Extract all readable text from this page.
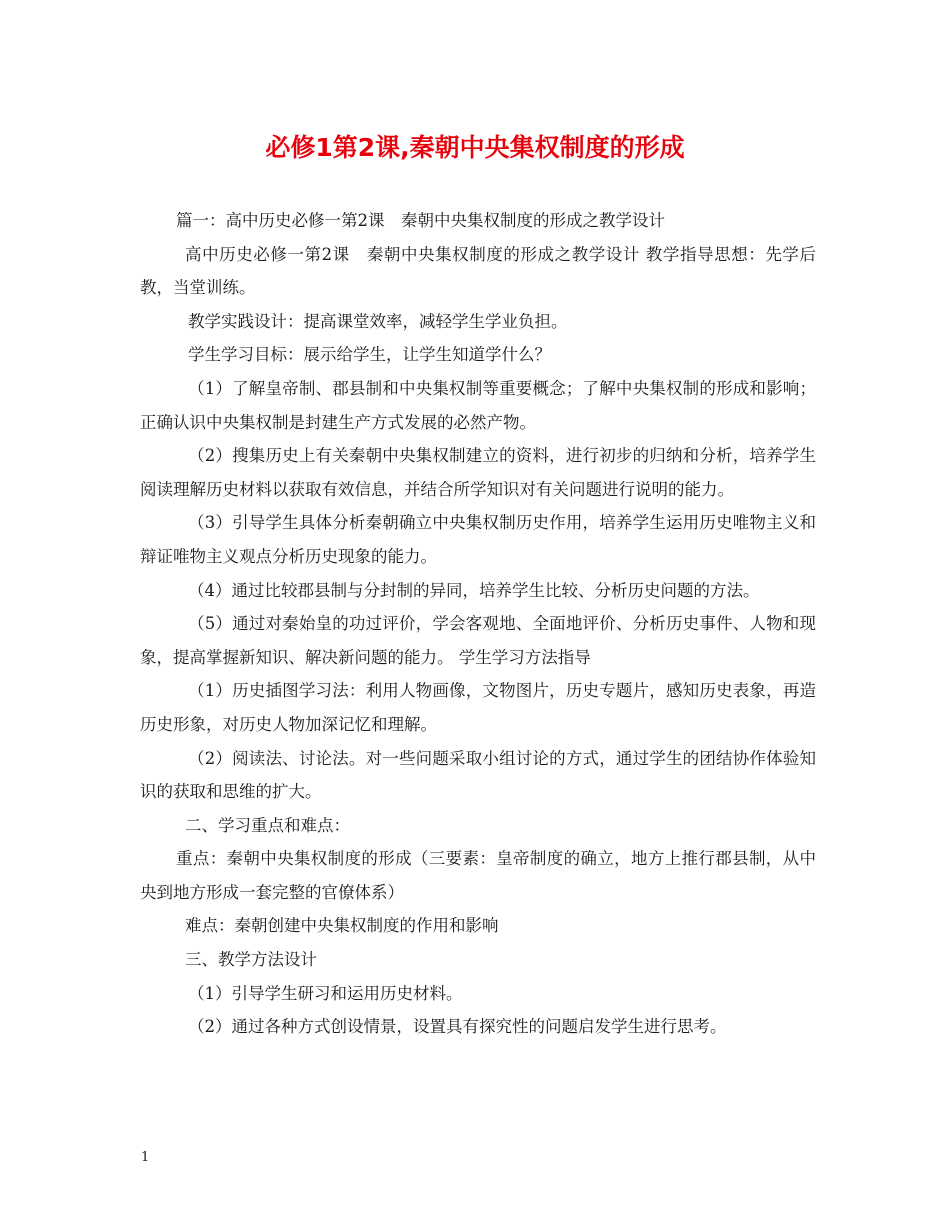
必修1第2课,秦朝中央集权制度的形成

篇一：高中历史必修一第2课　秦朝中央集权制度的形成之教学设计

高中历史必修一第2课　秦朝中央集权制度的形成之教学设计 教学指导思想：先学后教，当堂训练。

教学实践设计：提高课堂效率，减轻学生学业负担。

学生学习目标：展示给学生，让学生知道学什么？

（1）了解皇帝制、郡县制和中央集权制等重要概念；了解中央集权制的形成和影响；正确认识中央集权制是封建生产方式发展的必然产物。

（2）搜集历史上有关秦朝中央集权制建立的资料，进行初步的归纳和分析，培养学生阅读理解历史材料以获取有效信息，并结合所学知识对有关问题进行说明的能力。

（3）引导学生具体分析秦朝确立中央集权制历史作用，培养学生运用历史唯物主义和辩证唯物主义观点分析历史现象的能力。

（4）通过比较郡县制与分封制的异同，培养学生比较、分析历史问题的方法。

（5）通过对秦始皇的功过评价，学会客观地、全面地评价、分析历史事件、人物和现象，提高掌握新知识、解决新问题的能力。 学生学习方法指导

（1）历史插图学习法：利用人物画像，文物图片，历史专题片，感知历史表象，再造历史形象，对历史人物加深记忆和理解。

（2）阅读法、讨论法。对一些问题采取小组讨论的方式，通过学生的团结协作体验知识的获取和思维的扩大。

二、学习重点和难点：

重点：秦朝中央集权制度的形成（三要素：皇帝制度的确立，地方上推行郡县制，从中央到地方形成一套完整的官僚体系）

难点：秦朝创建中央集权制度的作用和影响

三、教学方法设计

（1）引导学生研习和运用历史材料。

（2）通过各种方式创设情景，设置具有探究性的问题启发学生进行思考。

1
